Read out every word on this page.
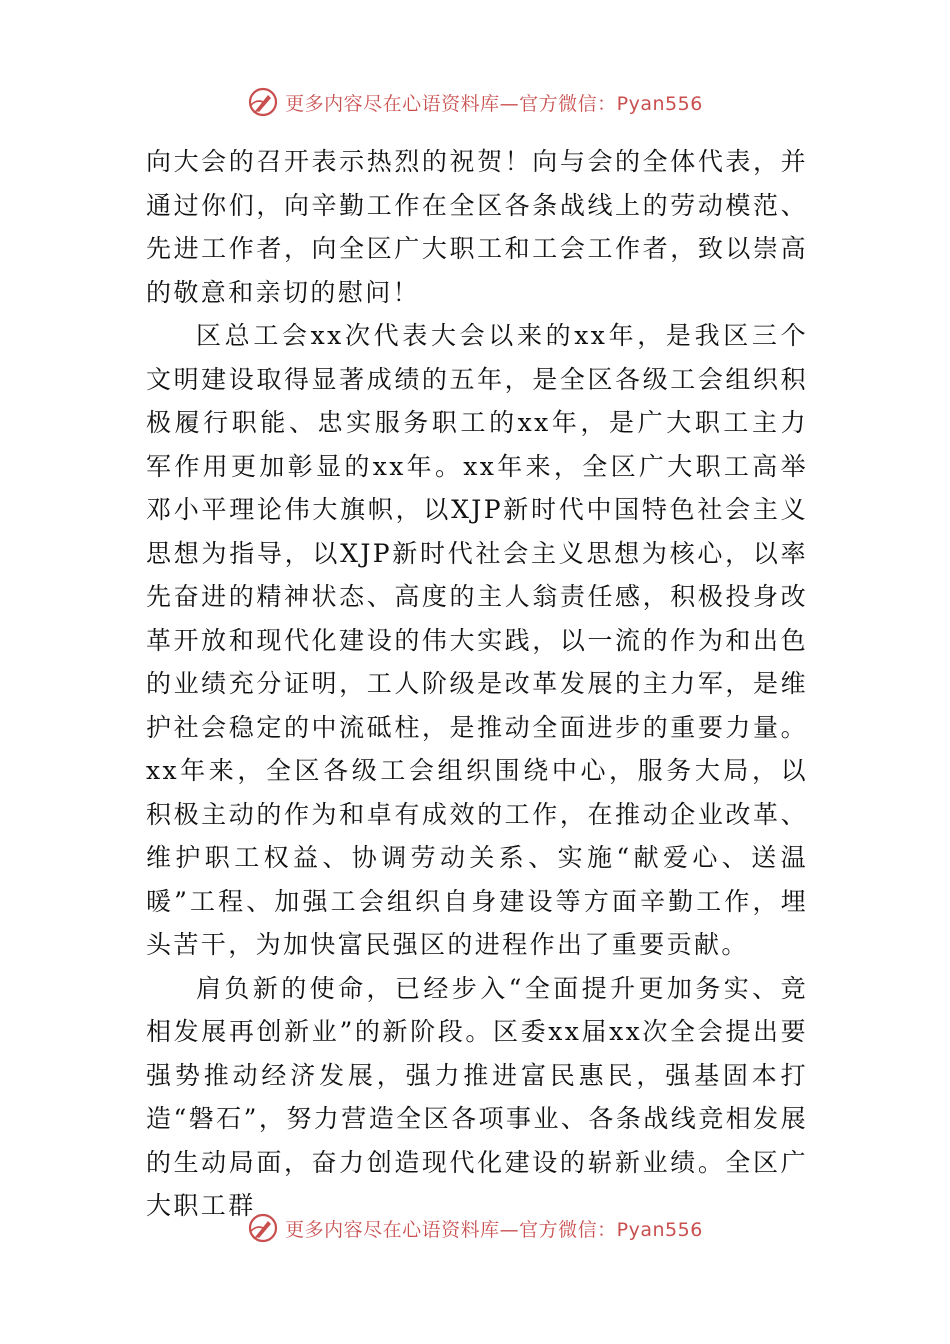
更多内容尽在心语资料库—官方微信：Pyan556

向大会的召开表示热烈的祝贺！向与会的全体代表，并通过你们，向辛勤工作在全区各条战线上的劳动模范、先进工作者，向全区广大职工和工会工作者，致以崇高的敬意和亲切的慰问！

区总工会xx次代表大会以来的xx年，是我区三个文明建设取得显著成绩的五年，是全区各级工会组织积极履行职能、忠实服务职工的xx年，是广大职工主力军作用更加彰显的xx年。xx年来，全区广大职工高举邓小平理论伟大旗帜，以XJP新时代中国特色社会主义思想为指导，以XJP新时代社会主义思想为核心，以率先奋进的精神状态、高度的主人翁责任感，积极投身改革开放和现代化建设的伟大实践，以一流的作为和出色的业绩充分证明，工人阶级是改革发展的主力军，是维护社会稳定的中流砥柱，是推动全面进步的重要力量。xx年来，全区各级工会组织围绕中心，服务大局，以积极主动的作为和卓有成效的工作，在推动企业改革、维护职工权益、协调劳动关系、实施“献爱心、送温暖”工程、加强工会组织自身建设等方面辛勤工作，埋头苦干，为加快富民强区的进程作出了重要贡献。

肩负新的使命，已经步入“全面提升更加务实、竞相发展再创新业”的新阶段。区委xx届xx次全会提出要强势推动经济发展，强力推进富民惠民，强基固本打造“磐石”，努力营造全区各项事业、各条战线竞相发展的生动局面，奋力创造现代化建设的崭新业绩。全区广大职工群

更多内容尽在心语资料库—官方微信：Pyan556
